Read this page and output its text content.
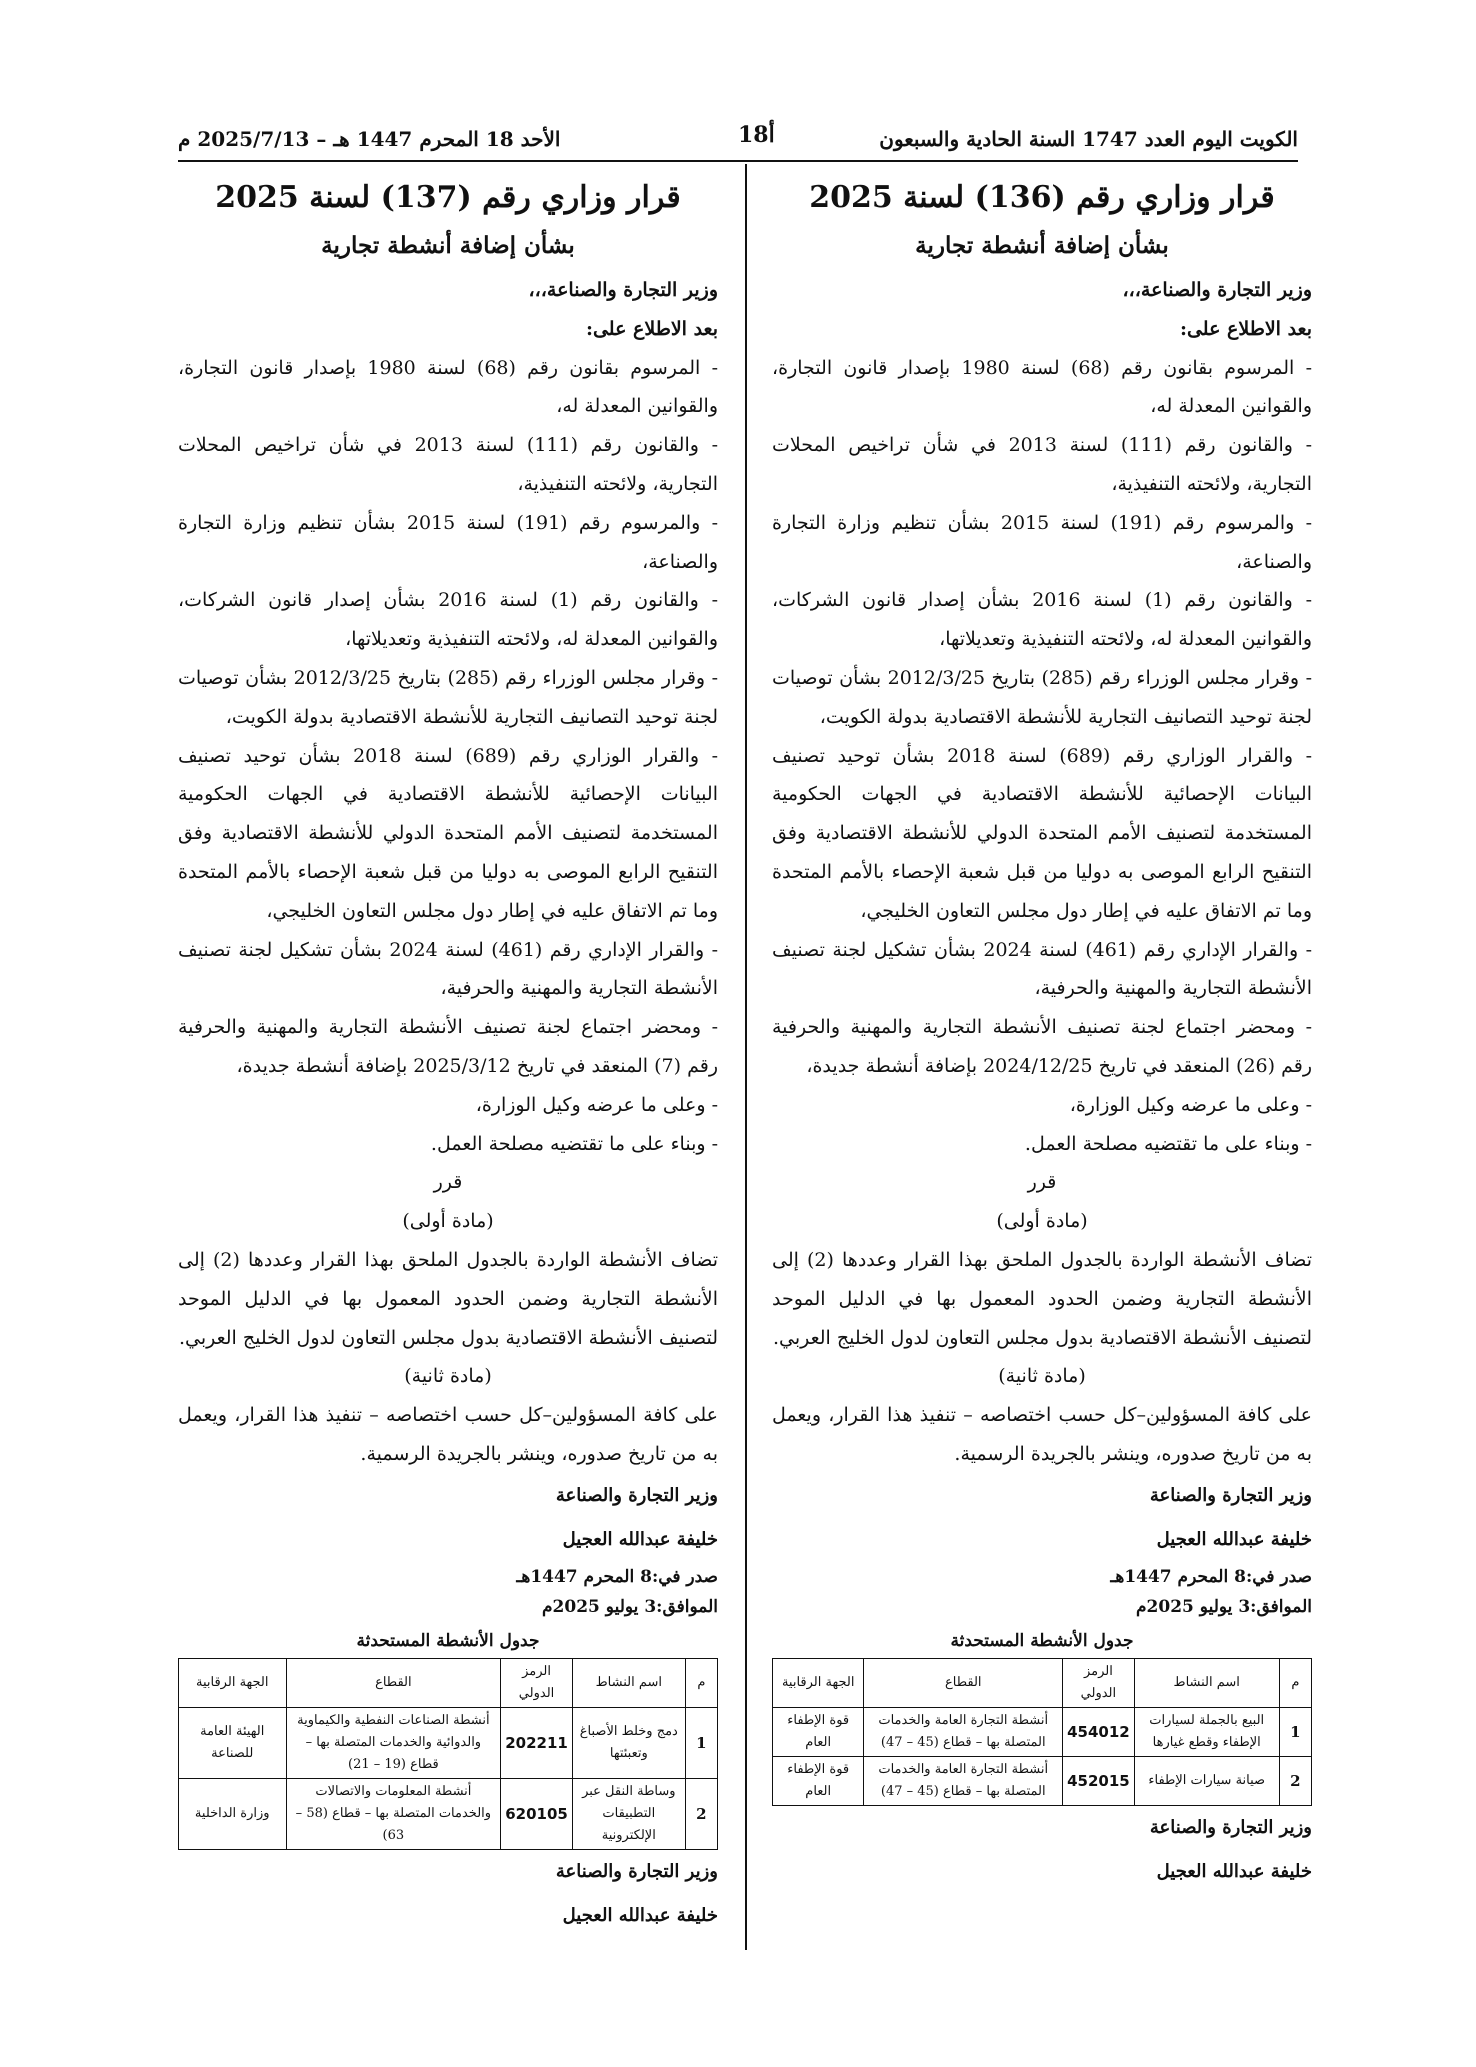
الأحد 18 المحرم 1447 هـ – 2025/7/13 م	18أ	الكويت اليوم العدد 1747 السنة الحادية والسبعون
قرار وزاري رقم (136) لسنة 2025
بشأن إضافة أنشطة تجارية

وزير التجارة والصناعة،،،

بعد الاطلاع على:

- المرسوم بقانون رقم (68) لسنة 1980 بإصدار قانون التجارة، والقوانين المعدلة له،

- والقانون رقم (111) لسنة 2013 في شأن تراخيص المحلات التجارية، ولائحته التنفيذية،

- والمرسوم رقم (191) لسنة 2015 بشأن تنظيم وزارة التجارة والصناعة،

- والقانون رقم (1) لسنة 2016 بشأن إصدار قانون الشركات، والقوانين المعدلة له، ولائحته التنفيذية وتعديلاتها،

- وقرار مجلس الوزراء رقم (285) بتاريخ 2012/3/25 بشأن توصيات لجنة توحيد التصانيف التجارية للأنشطة الاقتصادية بدولة الكويت،

- والقرار الوزاري رقم (689) لسنة 2018 بشأن توحيد تصنيف البيانات الإحصائية للأنشطة الاقتصادية في الجهات الحكومية المستخدمة لتصنيف الأمم المتحدة الدولي للأنشطة الاقتصادية وفق التنقيح الرابع الموصى به دوليا من قبل شعبة الإحصاء بالأمم المتحدة وما تم الاتفاق عليه في إطار دول مجلس التعاون الخليجي،

- والقرار الإداري رقم (461) لسنة 2024 بشأن تشكيل لجنة تصنيف الأنشطة التجارية والمهنية والحرفية،

- ومحضر اجتماع لجنة تصنيف الأنشطة التجارية والمهنية والحرفية رقم (26) المنعقد في تاريخ 2024/12/25 بإضافة أنشطة جديدة،

- وعلى ما عرضه وكيل الوزارة،

- وبناء على ما تقتضيه مصلحة العمل.

قرر

(مادة أولى)

تضاف الأنشطة الواردة بالجدول الملحق بهذا القرار وعددها (2) إلى الأنشطة التجارية وضمن الحدود المعمول بها في الدليل الموحد لتصنيف الأنشطة الاقتصادية بدول مجلس التعاون لدول الخليج العربي.

(مادة ثانية)

على كافة المسؤولين–كل حسب اختصاصه – تنفيذ هذا القرار، ويعمل به من تاريخ صدوره، وينشر بالجريدة الرسمية.

وزير التجارة والصناعة

خليفة عبدالله العجيل

صدر في:8 المحرم 1447هـ

الموافق:3 يوليو 2025م

جدول الأنشطة المستحدثة
م	اسم النشاط	الرمز الدولي	القطاع	الجهة الرقابية
1	البيع بالجملة لسيارات الإطفاء وقطع غيارها	454012	أنشطة التجارة العامة والخدمات المتصلة بها – قطاع (45 – 47)	قوة الإطفاء العام
2	صيانة سيارات الإطفاء	452015	أنشطة التجارة العامة والخدمات المتصلة بها – قطاع (45 – 47)	قوة الإطفاء العام

وزير التجارة والصناعة

خليفة عبدالله العجيل

قرار وزاري رقم (137) لسنة 2025
بشأن إضافة أنشطة تجارية

وزير التجارة والصناعة،،،

بعد الاطلاع على:

- المرسوم بقانون رقم (68) لسنة 1980 بإصدار قانون التجارة، والقوانين المعدلة له،

- والقانون رقم (111) لسنة 2013 في شأن تراخيص المحلات التجارية، ولائحته التنفيذية،

- والمرسوم رقم (191) لسنة 2015 بشأن تنظيم وزارة التجارة والصناعة،

- والقانون رقم (1) لسنة 2016 بشأن إصدار قانون الشركات، والقوانين المعدلة له، ولائحته التنفيذية وتعديلاتها،

- وقرار مجلس الوزراء رقم (285) بتاريخ 2012/3/25 بشأن توصيات لجنة توحيد التصانيف التجارية للأنشطة الاقتصادية بدولة الكويت،

- والقرار الوزاري رقم (689) لسنة 2018 بشأن توحيد تصنيف البيانات الإحصائية للأنشطة الاقتصادية في الجهات الحكومية المستخدمة لتصنيف الأمم المتحدة الدولي للأنشطة الاقتصادية وفق التنقيح الرابع الموصى به دوليا من قبل شعبة الإحصاء بالأمم المتحدة وما تم الاتفاق عليه في إطار دول مجلس التعاون الخليجي،

- والقرار الإداري رقم (461) لسنة 2024 بشأن تشكيل لجنة تصنيف الأنشطة التجارية والمهنية والحرفية،

- ومحضر اجتماع لجنة تصنيف الأنشطة التجارية والمهنية والحرفية رقم (7) المنعقد في تاريخ 2025/3/12 بإضافة أنشطة جديدة،

- وعلى ما عرضه وكيل الوزارة،

- وبناء على ما تقتضيه مصلحة العمل.

قرر

(مادة أولى)

تضاف الأنشطة الواردة بالجدول الملحق بهذا القرار وعددها (2) إلى الأنشطة التجارية وضمن الحدود المعمول بها في الدليل الموحد لتصنيف الأنشطة الاقتصادية بدول مجلس التعاون لدول الخليج العربي.

(مادة ثانية)

على كافة المسؤولين–كل حسب اختصاصه – تنفيذ هذا القرار، ويعمل به من تاريخ صدوره، وينشر بالجريدة الرسمية.

وزير التجارة والصناعة

خليفة عبدالله العجيل

صدر في:8 المحرم 1447هـ

الموافق:3 يوليو 2025م

جدول الأنشطة المستحدثة
م	اسم النشاط	الرمز الدولي	القطاع	الجهة الرقابية
1	دمج وخلط الأصباغ وتعبئتها	202211	أنشطة الصناعات النفطية والكيماوية والدوائية والخدمات المتصلة بها – قطاع (19 – 21)	الهيئة العامة للصناعة
2	وساطة النقل عبر التطبيقات الإلكترونية	620105	أنشطة المعلومات والاتصالات والخدمات المتصلة بها – قطاع (58 – 63)	وزارة الداخلية

وزير التجارة والصناعة

خليفة عبدالله العجيل
